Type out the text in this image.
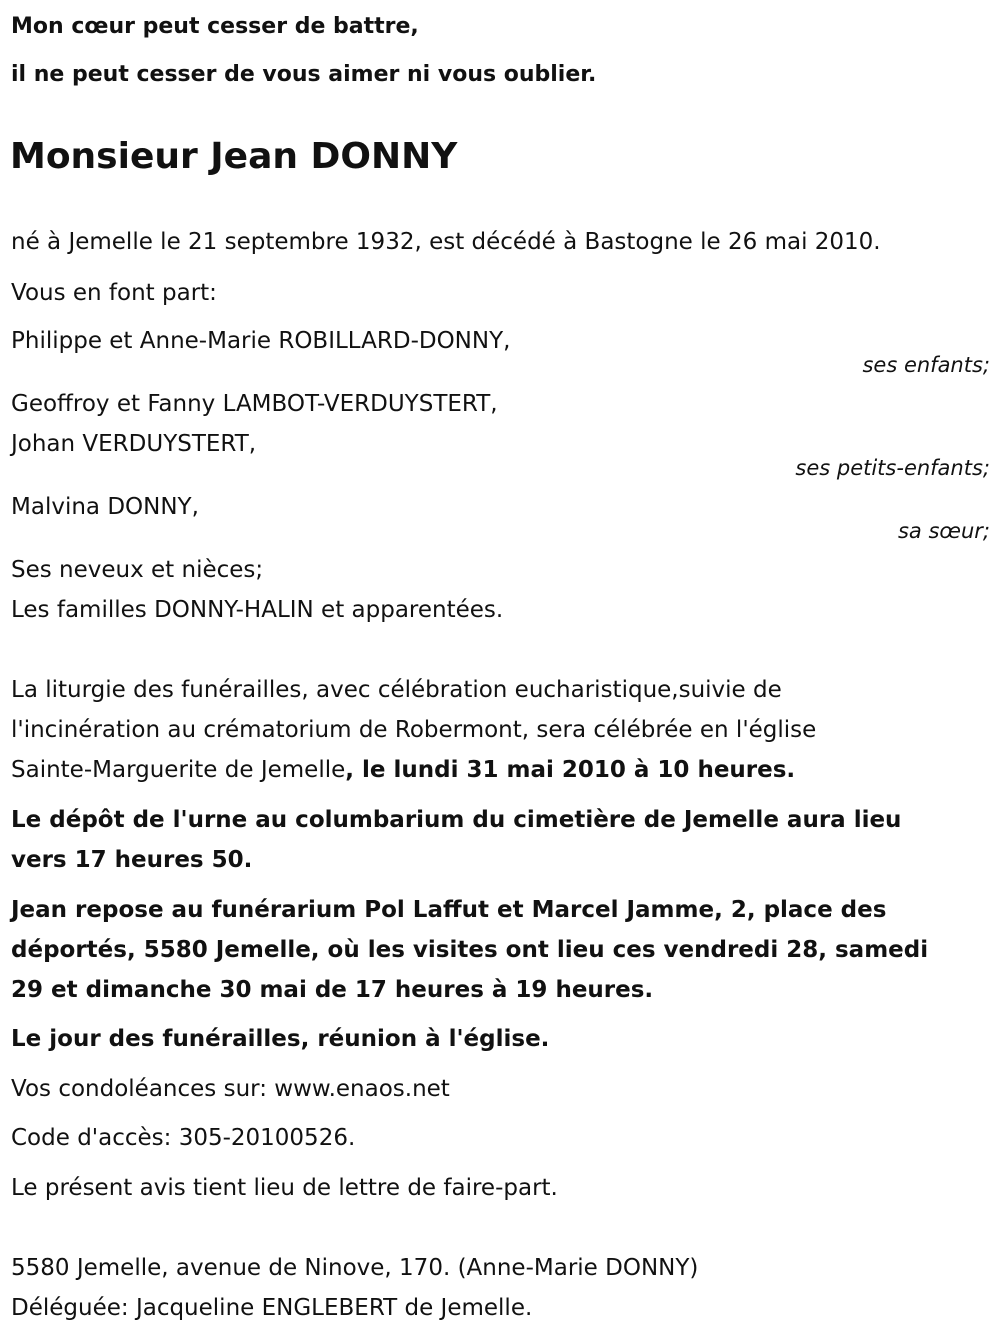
Mon cœur peut cesser de battre,
il ne peut cesser de vous aimer ni vous oublier.
Monsieur Jean DONNY
né à Jemelle le 21 septembre 1932, est décédé à Bastogne le 26 mai 2010.
Vous en font part:
Philippe et Anne-Marie ROBILLARD-DONNY,
ses enfants;
Geoffroy et Fanny LAMBOT-VERDUYSTERT,
Johan VERDUYSTERT,
ses petits-enfants;
Malvina DONNY,
sa sœur;
Ses neveux et nièces;
Les familles DONNY-HALIN et apparentées.
La liturgie des funérailles, avec célébration eucharistique,suivie de
l'incinération au crématorium de Robermont, sera célébrée en l'église
Sainte-Marguerite de Jemelle, le lundi 31 mai 2010 à 10 heures.
Le dépôt de l'urne au columbarium du cimetière de Jemelle aura lieu
vers 17 heures 50.
Jean repose au funérarium Pol Laffut et Marcel Jamme, 2, place des
déportés, 5580 Jemelle, où les visites ont lieu ces vendredi 28, samedi
29 et dimanche 30 mai de 17 heures à 19 heures.
Le jour des funérailles, réunion à l'église.
Vos condoléances sur: www.enaos.net
Code d'accès: 305-20100526.
Le présent avis tient lieu de lettre de faire-part.
5580 Jemelle, avenue de Ninove, 170. (Anne-Marie DONNY)
Déléguée: Jacqueline ENGLEBERT de Jemelle.
